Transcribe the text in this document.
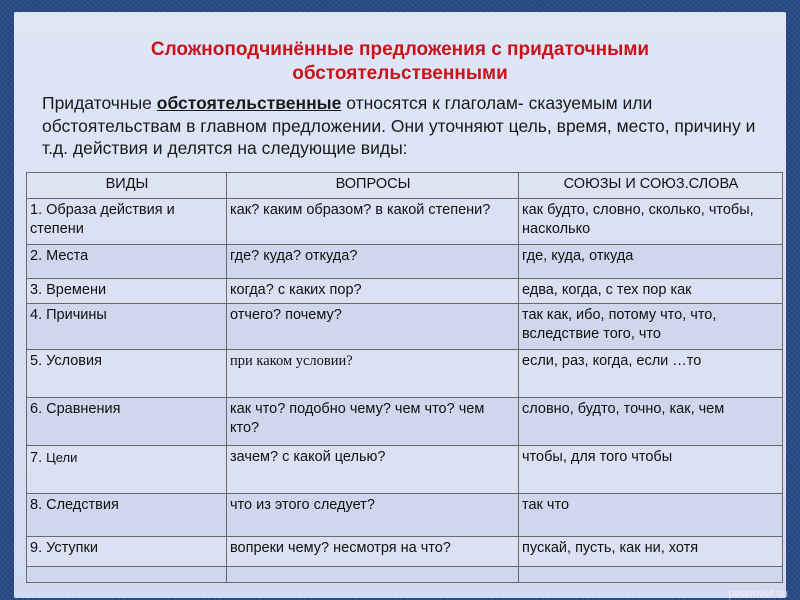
Сложноподчинённые предложения с придаточными
обстоятельственными
Придаточные обстоятельственные относятся к глаголам- сказуемым или обстоятельствам в главном предложении. Они уточняют цель, время, место, причину и т.д. действия и делятся на следующие виды:
ВИДЫ	ВОПРОСЫ	СОЮЗЫ И СОЮЗ.СЛОВА
1. Образа действия и степени	как? каким образом? в какой степени?	как будто, словно, сколько, чтобы, насколько
2. Места	где? куда? откуда?	где, куда, откуда
3. Времени	когда? с каких пор?	едва, когда, с тех пор как
4. Причины	отчего? почему?	так как, ибо, потому что, что, вследствие того, что
5. Условия	при каком условии?	если, раз, когда, если …то
6. Сравнения	как что? подобно чему? чем что? чем кто?	словно, будто, точно, как, чем
7. Цели	зачем? с какой целью?	чтобы, для того чтобы
8. Следствия	что из этого следует?	так что
9. Уступки	вопреки чему? несмотря на что?	пускай, пусть, как ни, хотя

pedsovet.su
